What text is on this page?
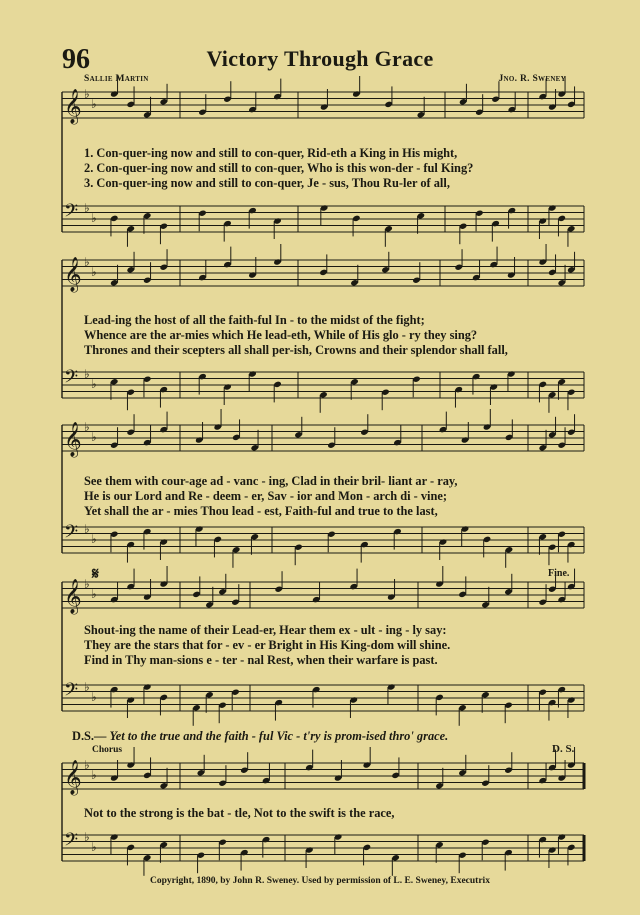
96	Victory Through Grace
Sallie Martin	Jno. R. Sweney
𝄞 ♭
♭
𝄢 ♭
♭
𝄞 ♭
♭
𝄢 ♭
♭
𝄞 ♭
♭
𝄢 ♭
♭
𝄞 ♭
♭
𝄢 ♭
♭
𝄞 ♭
♭
𝄢 ♭
♭
1. Con-quer-ing now and still to con-quer, Rid-eth a King in His might,
2. Con-quer-ing now and still to con-quer, Who is this won-der - ful King?
3. Con-quer-ing now and still to con-quer, Je - sus, Thou Ru-ler of all,
Lead-ing the host of all the faith-ful In - to the midst of the fight;
Whence are the ar-mies which He lead-eth, While of His glo - ry they sing?
Thrones and their scepters all shall per-ish, Crowns and their splendor shall fall,
See them with cour-age ad - vanc - ing, Clad in their bril- liant ar - ray,
He is our Lord and Re - deem - er, Sav - ior and Mon - arch di - vine;
Yet shall the ar - mies Thou lead - est, Faith-ful and true to the last,
Shout-ing the name of their Lead-er, Hear them ex - ult - ing - ly say:
They are the stars that for - ev - er Bright in His King-dom will shine.
Find in Thy man-sions e - ter - nal Rest, when their warfare is past.
D.S.— Yet to the true and the faith - ful Vic - t'ry is prom-ised thro' grace.
Not to the strong is the bat - tle, Not to the swift is the race,
Fine.
Chorus	D. S.
𝄋
Copyright, 1890, by John R. Sweney. Used by permission of L. E. Sweney, Executrix
